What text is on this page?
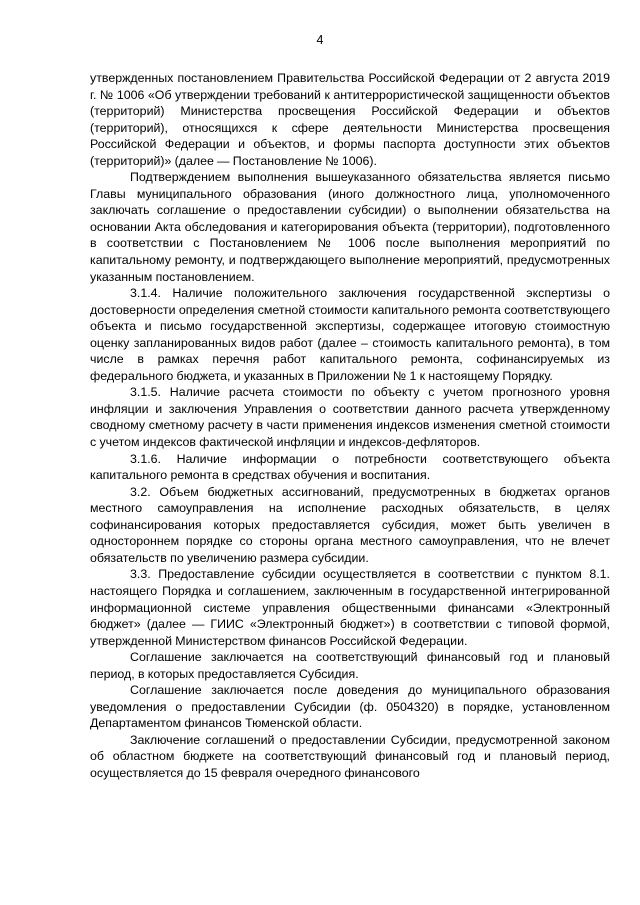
4

утвержденных постановлением Правительства Российской Федерации от 2 августа 2019 г. № 1006 «Об утверждении требований к антитеррористической защищенности объектов (территорий) Министерства просвещения Российской Федерации и объектов (территорий), относящихся к сфере деятельности Министерства просвещения Российской Федерации и объектов, и формы паспорта доступности этих объектов (территорий)» (далее — Постановление № 1006).

Подтверждением выполнения вышеуказанного обязательства является письмо Главы муниципального образования (иного должностного лица, уполномоченного заключать соглашение о предоставлении субсидии) о выполнении обязательства на основании Акта обследования и категорирования объекта (территории), подготовленного в соответствии с Постановлением № 1006 после выполнения мероприятий по капитальному ремонту, и подтверждающего выполнение мероприятий, предусмотренных указанным постановлением.

3.1.4. Наличие положительного заключения государственной экспертизы о достоверности определения сметной стоимости капитального ремонта соответствующего объекта и письмо государственной экспертизы, содержащее итоговую стоимостную оценку запланированных видов работ (далее – стоимость капитального ремонта), в том числе в рамках перечня работ капитального ремонта, софинансируемых из федерального бюджета, и указанных в Приложении № 1 к настоящему Порядку.

3.1.5. Наличие расчета стоимости по объекту с учетом прогнозного уровня инфляции и заключения Управления о соответствии данного расчета утвержденному сводному сметному расчету в части применения индексов изменения сметной стоимости с учетом индексов фактической инфляции и индексов-дефляторов.

3.1.6. Наличие информации о потребности соответствующего объекта капитального ремонта в средствах обучения и воспитания.

3.2. Объем бюджетных ассигнований, предусмотренных в бюджетах органов местного самоуправления на исполнение расходных обязательств, в целях софинансирования которых предоставляется субсидия, может быть увеличен в одностороннем порядке со стороны органа местного самоуправления, что не влечет обязательств по увеличению размера субсидии.

3.3. Предоставление субсидии осуществляется в соответствии с пунктом 8.1. настоящего Порядка и соглашением, заключенным в государственной интегрированной информационной системе управления общественными финансами «Электронный бюджет» (далее — ГИИС «Электронный бюджет») в соответствии с типовой формой, утвержденной Министерством финансов Российской Федерации.

Соглашение заключается на соответствующий финансовый год и плановый период, в которых предоставляется Субсидия.

Соглашение заключается после доведения до муниципального образования уведомления о предоставлении Субсидии (ф. 0504320) в порядке, установленном Департаментом финансов Тюменской области.

Заключение соглашений о предоставлении Субсидии, предусмотренной законом об областном бюджете на соответствующий финансовый год и плановый период, осуществляется до 15 февраля очередного финансового
